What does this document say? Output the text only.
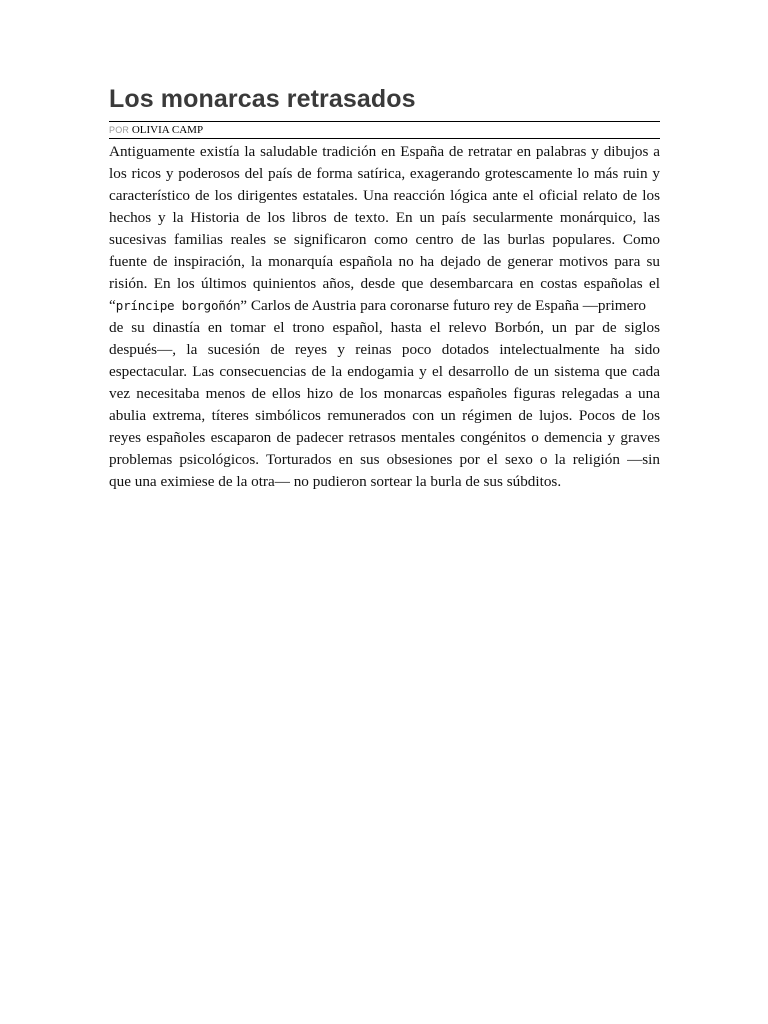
Los monarcas retrasados
POR OLIVIA CAMP
Antiguamente existía la saludable tradición en España de retratar en palabras y dibujos a
los ricos y poderosos del país de forma satírica, exagerando grotescamente lo más ruin y
característico de los dirigentes estatales. Una reacción lógica ante el oficial relato de los
hechos y la Historia de los libros de texto. En un país secularmente monárquico, las
sucesivas familias reales se significaron como centro de las burlas populares. Como
fuente de inspiración, la monarquía española no ha dejado de generar motivos para su
risión. En los últimos quinientos años, desde que desembarcara en costas españolas el
“príncipe borgoñón” Carlos de Austria para coronarse futuro rey de España —primero
de su dinastía en tomar el trono español, hasta el relevo Borbón, un par de siglos
después—, la sucesión de reyes y reinas poco dotados intelectualmente ha sido
espectacular. Las consecuencias de la endogamia y el desarrollo de un sistema que cada
vez necesitaba menos de ellos hizo de los monarcas españoles figuras relegadas a una
abulia extrema, títeres simbólicos remunerados con un régimen de lujos. Pocos de los
reyes españoles escaparon de padecer retrasos mentales congénitos o demencia y graves
problemas psicológicos. Torturados en sus obsesiones por el sexo o la religión —sin
que una eximiese de la otra— no pudieron sortear la burla de sus súbditos.
